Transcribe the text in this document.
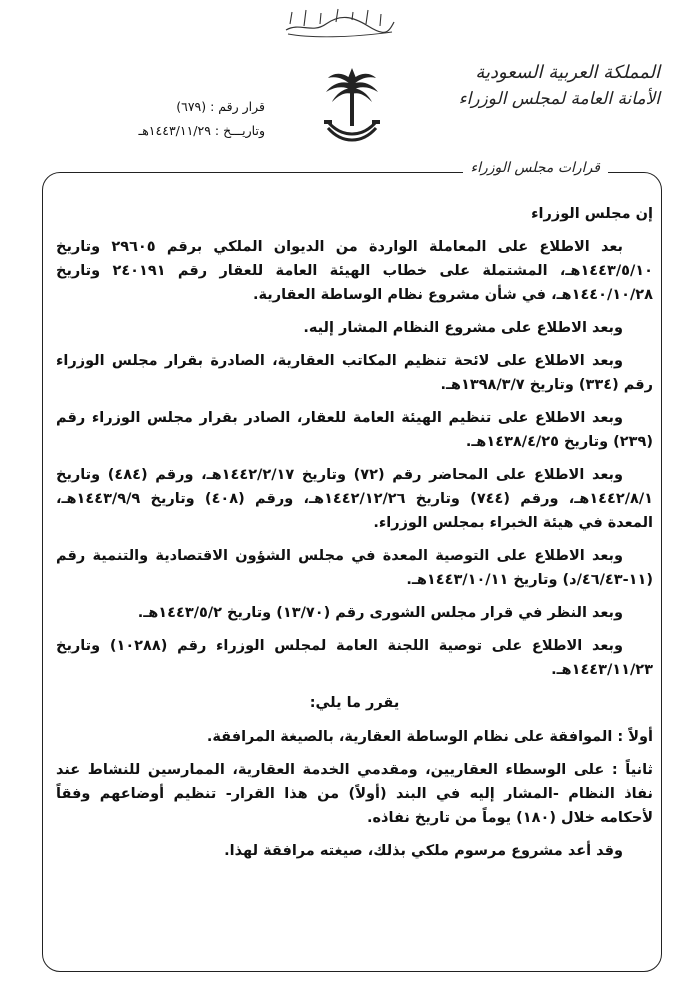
قرار رقم : (٦٧٩)
وتاريـــخ : ١٤٤٣/١١/٢٩هـ
المملكة العربية السعودية
الأمانة العامة لمجلس الوزراء
قرارات مجلس الوزراء

إن مجلس الوزراء

بعد الاطلاع على المعاملة الواردة من الديوان الملكي برقم ٢٩٦٠٥ وتاريخ ١٤٤٣/٥/١٠هـ، المشتملة على خطاب الهيئة العامة للعقار رقم ٢٤٠١٩١ وتاريخ ١٤٤٠/١٠/٢٨هـ، في شأن مشروع نظام الوساطة العقارية.

وبعد الاطلاع على مشروع النظام المشار إليه.

وبعد الاطلاع على لائحة تنظيم المكاتب العقارية، الصادرة بقرار مجلس الوزراء رقم (٣٣٤) وتاريخ ١٣٩٨/٣/٧هـ.

وبعد الاطلاع على تنظيم الهيئة العامة للعقار، الصادر بقرار مجلس الوزراء رقم (٢٣٩) وتاريخ ١٤٣٨/٤/٢٥هـ.

وبعد الاطلاع على المحاضر رقم (٧٢) وتاريخ ١٤٤٢/٢/١٧هـ، ورقم (٤٨٤) وتاريخ ١٤٤٢/٨/١هـ، ورقم (٧٤٤) وتاريخ ١٤٤٢/١٢/٢٦هـ، ورقم (٤٠٨) وتاريخ ١٤٤٣/٩/٩هـ، المعدة في هيئة الخبراء بمجلس الوزراء.

وبعد الاطلاع على التوصية المعدة في مجلس الشؤون الاقتصادية والتنمية رقم (١١-٤٦/٤٣/د) وتاريخ ١٤٤٣/١٠/١١هـ.

وبعد النظر في قرار مجلس الشورى رقم (١٣/٧٠) وتاريخ ١٤٤٣/٥/٢هـ.

وبعد الاطلاع على توصية اللجنة العامة لمجلس الوزراء رقم (١٠٢٨٨) وتاريخ ١٤٤٣/١١/٢٣هـ.

يقرر ما يلي:

أولاً : الموافقة على نظام الوساطة العقارية، بالصيغة المرافقة.

ثانياً : على الوسطاء العقاريين، ومقدمي الخدمة العقارية، الممارسين للنشاط عند نفاذ النظام -المشار إليه في البند (أولاً) من هذا القرار- تنظيم أوضاعهم وفقاً لأحكامه خلال (١٨٠) يوماً من تاريخ نفاذه.

وقد أعد مشروع مرسوم ملكي بذلك، صيغته مرافقة لهذا.
